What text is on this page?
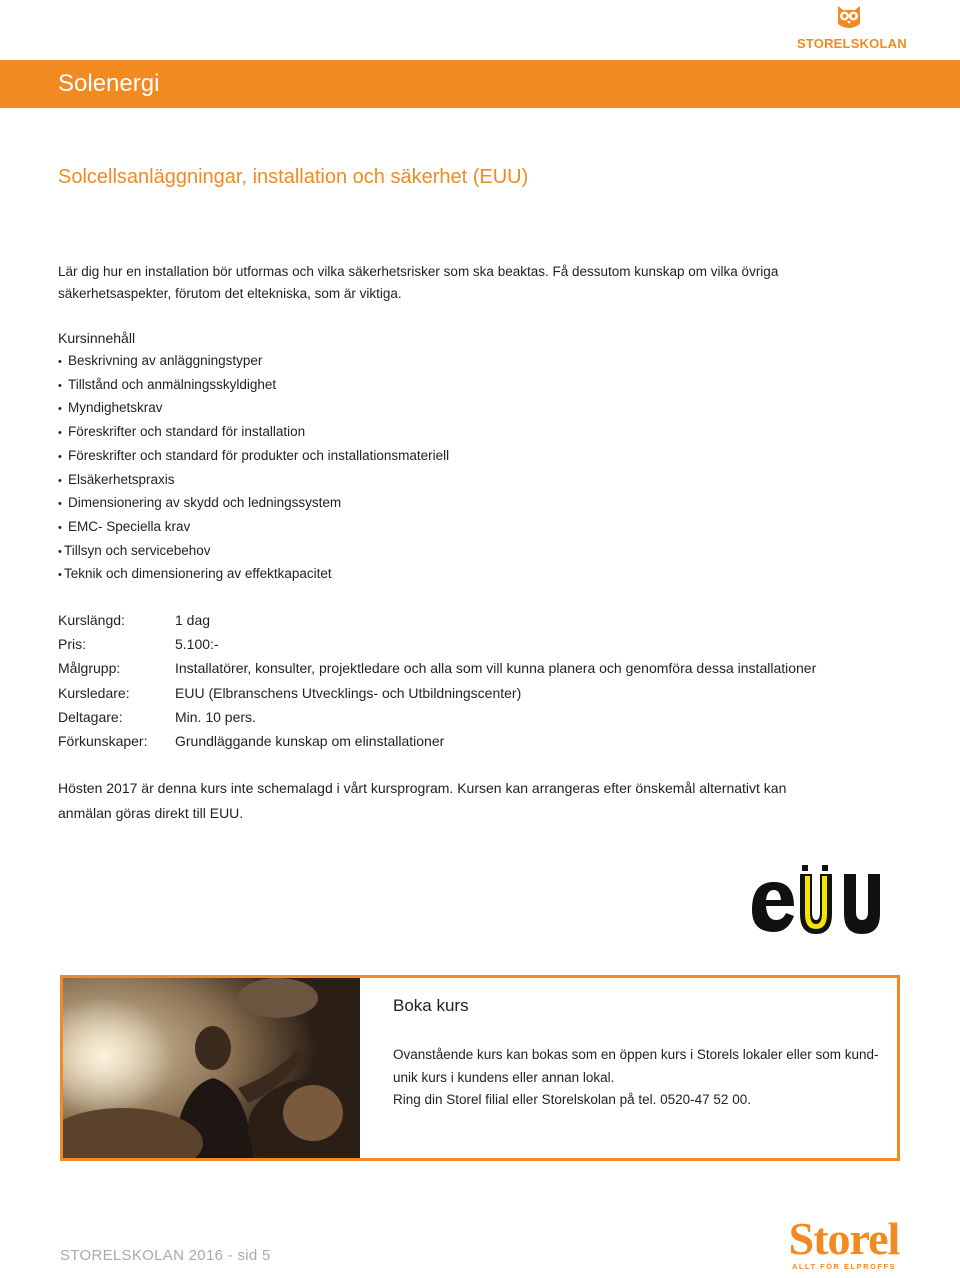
STORELSKOLAN
Solenergi
Solcellsanläggningar, installation och säkerhet (EUU)
Lär dig hur en installation bör utformas och vilka säkerhetsrisker som ska beaktas. Få dessutom kunskap om vilka övriga säkerhetsaspekter, förutom det eltekniska, som är viktiga.
Kursinnehåll
• Beskrivning av anläggningstyper
• Tillstånd och anmälningsskyldighet
• Myndighetskrav
• Föreskrifter och standard för installation
• Föreskrifter och standard för produkter och installationsmateriell
• Elsäkerhetspraxis
• Dimensionering av skydd och ledningssystem
• EMC- Speciella krav
• Tillsyn och servicebehov
• Teknik och dimensionering av effektkapacitet
Kurslängd:	1 dag
Pris:	5.100:-
Målgrupp:	Installatörer, konsulter, projektledare och alla som vill kunna planera och genomföra dessa installationer
Kursledare:	EUU (Elbranschens Utvecklings- och Utbildningscenter)
Deltagare:	Min. 10 pers.
Förkunskaper:	Grundläggande kunskap om elinstallationer
Hösten 2017 är denna kurs inte schemalagd i vårt kursprogram. Kursen kan arrangeras efter önskemål alternativt kan anmälan göras direkt till EUU.
Boka kurs

Ovanstående kurs kan bokas som en öppen kurs i Storels lokaler eller som kund-unik kurs i kundens eller annan lokal.

Ring din Storel filial eller Storelskolan på tel. 0520-47 52 00.

STORELSKOLAN 2016 - sid 5	Storel
ALLT FÖR ELPROFFS
